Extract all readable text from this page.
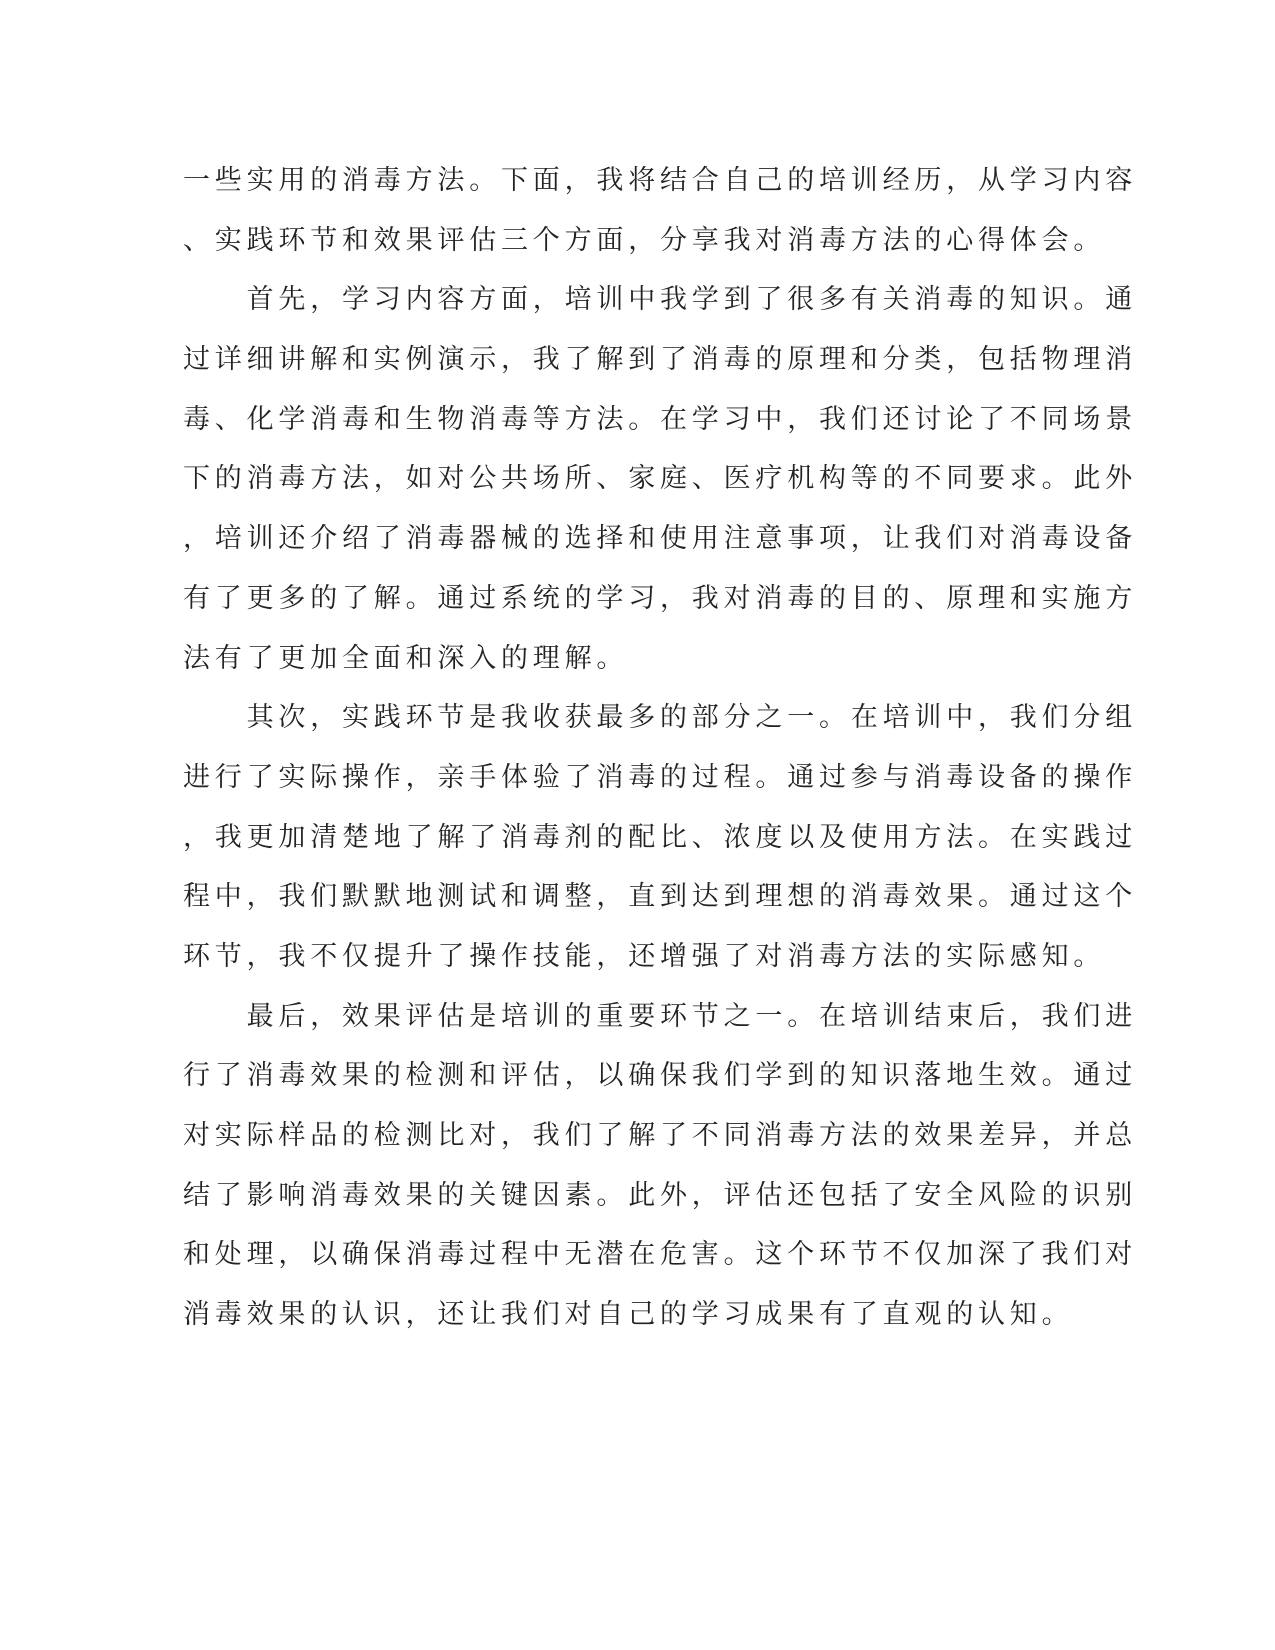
一些实用的消毒方法。下面，我将结合自己的培训经历，从学习内容
、实践环节和效果评估三个方面，分享我对消毒方法的心得体会。
　　首先，学习内容方面，培训中我学到了很多有关消毒的知识。通
过详细讲解和实例演示，我了解到了消毒的原理和分类，包括物理消
毒、化学消毒和生物消毒等方法。在学习中，我们还讨论了不同场景
下的消毒方法，如对公共场所、家庭、医疗机构等的不同要求。此外
，培训还介绍了消毒器械的选择和使用注意事项，让我们对消毒设备
有了更多的了解。通过系统的学习，我对消毒的目的、原理和实施方
法有了更加全面和深入的理解。
　　其次，实践环节是我收获最多的部分之一。在培训中，我们分组
进行了实际操作，亲手体验了消毒的过程。通过参与消毒设备的操作
，我更加清楚地了解了消毒剂的配比、浓度以及使用方法。在实践过
程中，我们默默地测试和调整，直到达到理想的消毒效果。通过这个
环节，我不仅提升了操作技能，还增强了对消毒方法的实际感知。
　　最后，效果评估是培训的重要环节之一。在培训结束后，我们进
行了消毒效果的检测和评估，以确保我们学到的知识落地生效。通过
对实际样品的检测比对，我们了解了不同消毒方法的效果差异，并总
结了影响消毒效果的关键因素。此外，评估还包括了安全风险的识别
和处理，以确保消毒过程中无潜在危害。这个环节不仅加深了我们对
消毒效果的认识，还让我们对自己的学习成果有了直观的认知。
